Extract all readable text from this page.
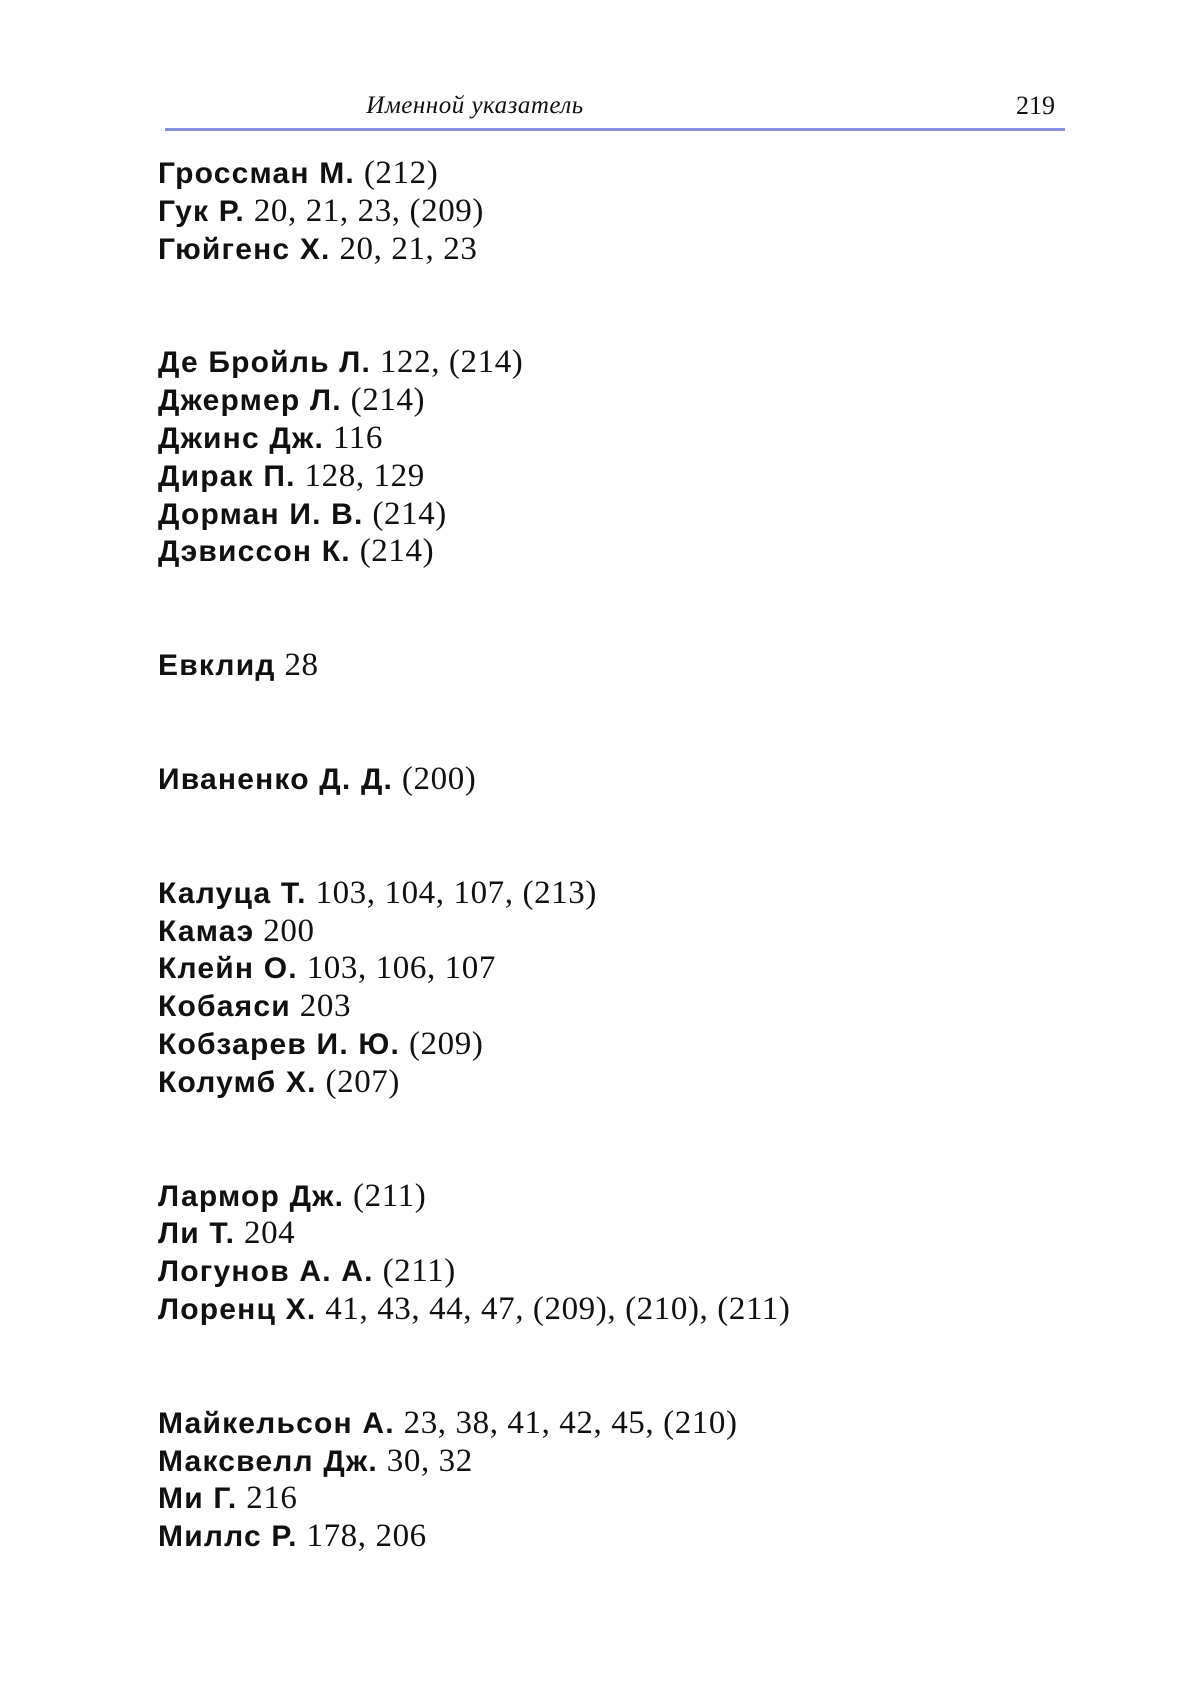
Именной указатель	219
Гроссман М. (212)
Гук Р. 20, 21, 23, (209)
Гюйгенс X. 20, 21, 23
Де Бройль Л. 122, (214)
Джермер Л. (214)
Джинс Дж. 116
Дирак П. 128, 129
Дорман И. В. (214)
Дэвиссон К. (214)
Евклид 28
Иваненко Д. Д. (200)
Калуца Т. 103, 104, 107, (213)
Камаэ 200
Клейн О. 103, 106, 107
Кобаяси 203
Кобзарев И. Ю. (209)
Колумб X. (207)
Лармор Дж. (211)
Ли Т. 204
Логунов А. А. (211)
Лоренц X. 41, 43, 44, 47, (209), (210), (211)
Майкельсон А. 23, 38, 41, 42, 45, (210)
Максвелл Дж. 30, 32
Ми Г. 216
Миллс Р. 178, 206
